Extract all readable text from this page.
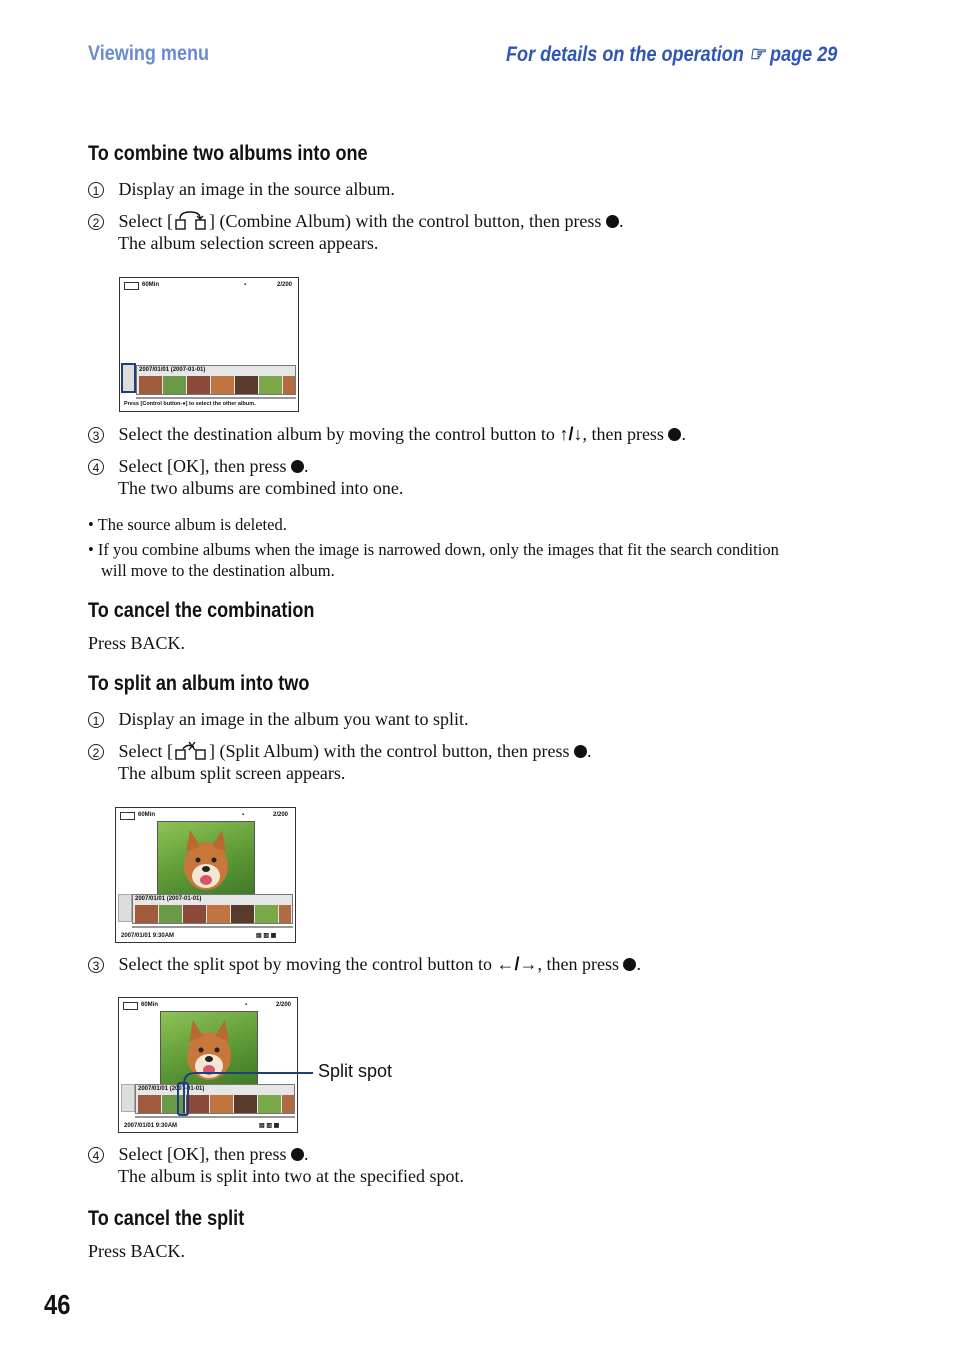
Viewing menu	For details on the operation ☞ page 29
To combine two albums into one
1 Display an image in the source album.
2 Select [ ] (Combine Album) with the control button, then press .
The album selection screen appears.
60Min	▪	2/200
2007/01/01 (2007-01-01)
Press [Control button-●] to select the other album.
3 Select the destination album by moving the control button to ↑/↓, then press .
4 Select [OK], then press .
The two albums are combined into one.
• The source album is deleted.
• If you combine albums when the image is narrowed down, only the images that fit the search condition
will move to the destination album.
To cancel the combination
Press BACK.
To split an album into two
1 Display an image in the album you want to split.
2 Select [ ] (Split Album) with the control button, then press .
The album split screen appears.
60Min	▪	2/200
2007/01/01 (2007-01-01)
2007/01/01 9:30AM	▤ ▥ ▦
3 Select the split spot by moving the control button to ←/→, then press .
60Min	▪	2/200
2007/01/01 (2007-01-01)
2007/01/01 9:30AM	▤ ▥ ▦
Split spot
4 Select [OK], then press .
The album is split into two at the specified spot.
To cancel the split
Press BACK.
46
